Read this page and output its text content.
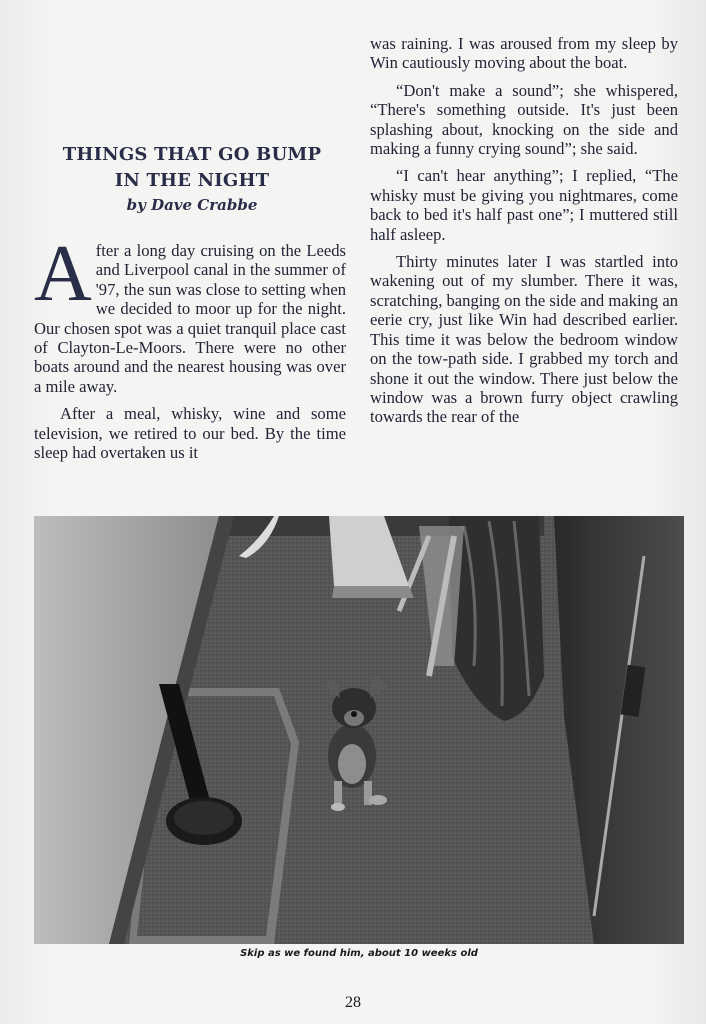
THINGS THAT GO BUMP
IN THE NIGHT
by Dave Crabbe

After a long day cruising on the Leeds and Liverpool canal in the summer of '97, the sun was close to setting when we decided to moor up for the night. Our chosen spot was a quiet tranquil place cast of Clayton-Le-Moors. There were no other boats around and the nearest housing was over a mile away.

After a meal, whisky, wine and some television, we retired to our bed. By the time sleep had overtaken us it

was raining. I was aroused from my sleep by Win cautiously moving about the boat.

“Don't make a sound”; she whispered, “There's something outside. It's just been splashing about, knocking on the side and making a funny crying sound”; she said.

“I can't hear anything”; I replied, “The whisky must be giving you nightmares, come back to bed it's half past one”; I muttered still half asleep.

Thirty minutes later I was startled into wakening out of my slumber. There it was, scratching, banging on the side and making an eerie cry, just like Win had described earlier. This time it was below the bedroom window on the tow-path side. I grabbed my torch and shone it out the window. There just below the window was a brown furry object crawling towards the rear of the

Skip as we found him, about 10 weeks old
28
